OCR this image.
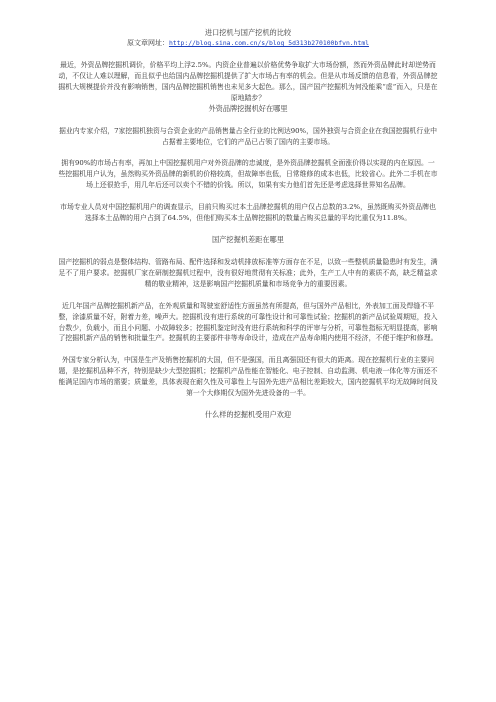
进口挖机与国产挖机的比较

原文章网址：http://blog.sina.com.cn/s/blog_5d313b270100bfvn.html

最近，外资品牌挖掘机调价，价格平均上浮2.5%。内资企业普遍以价格优势争取扩大市场份额，然而外资品牌此时却逆势而动，不仅让人难以理解，而且似乎也给国内品牌挖掘机提供了扩大市场占有率的机会。但是从市场反馈的信息看，外资品牌挖掘机大规模提价并没有影响销售，国内品牌挖掘机销售也未见多大起色。那么，国产国产挖掘机为何没能乘“虚”而入，只是在原地踏步？

外资品牌挖掘机好在哪里

据业内专家介绍，7家挖掘机独资与合资企业的产品销售量占全行业的比例达90%，国外独资与合资企业在我国挖掘机行业中占据着主要地位，它们的产品已占领了国内的主要市场。

拥有90%的市场占有率，再加上中国挖掘机用户对外资品牌的忠诚度，是外资品牌挖掘机全面涨价得以实现的内在原因。一些挖掘机用户认为，虽然购买外资品牌的新机的价格较高，但故障率也低，日常维修的成本也低，比较省心。此外二手机在市场上还很抢手，用几年后还可以卖个不错的价钱。所以，如果有实力他们首先还是考虑选择世界知名品牌。

市场专业人员对中国挖掘机用户的调查显示，目前只购买过本土品牌挖掘机的用户仅占总数的3.2%，虽然既购买外资品牌也选择本土品牌的用户占到了64.5%，但他们购买本土品牌挖掘机的数量占购买总量的平均比重仅为11.8%。

国产挖掘机差距在哪里

国产挖掘机的弱点是整体结构、管路布局、配件选择和发动机排放标准等方面存在不足，以致一些整机质量隐患时有发生，满足不了用户要求。挖掘机厂家在研制挖掘机过程中，没有很好地贯彻有关标准；此外，生产工人中有的素质不高，缺乏精益求精的敬业精神，这是影响国产挖掘机质量和市场竞争力的重要因素。

近几年国产品牌挖掘机新产品，在外观质量和驾驶室舒适性方面虽然有所提高，但与国外产品相比，外表加工面及焊缝不平整，涂漆质量不好，附着力差，噪声大。挖掘机没有进行系统的可靠性设计和可靠性试验；挖掘机的新产品试验周期短，投入台数少，负载小，而且小问题、小故障较多；挖掘机鉴定时没有进行系统和科学的评审与分析，可靠性指标无明显提高，影响了挖掘机新产品的销售和批量生产。挖掘机的主要部件非等寿命设计，造成在产品寿命期内使用不经济，不便于维护和修理。

外国专家分析认为，中国是生产及销售挖掘机的大国，但不是强国，而且离强国还有很大的距离。现在挖掘机行业的主要问题，是挖掘机品种不齐，特别是缺少大型挖掘机；挖掘机产品性能在智能化、电子控制、自动监测、机电液一体化等方面还不能满足国内市场的需要；质量差，具体表现在耐久性及可靠性上与国外先进产品相比差距较大，国内挖掘机平均无故障时间及第一个大修期仅为国外先进设备的一半。

什么样的挖掘机受用户欢迎
